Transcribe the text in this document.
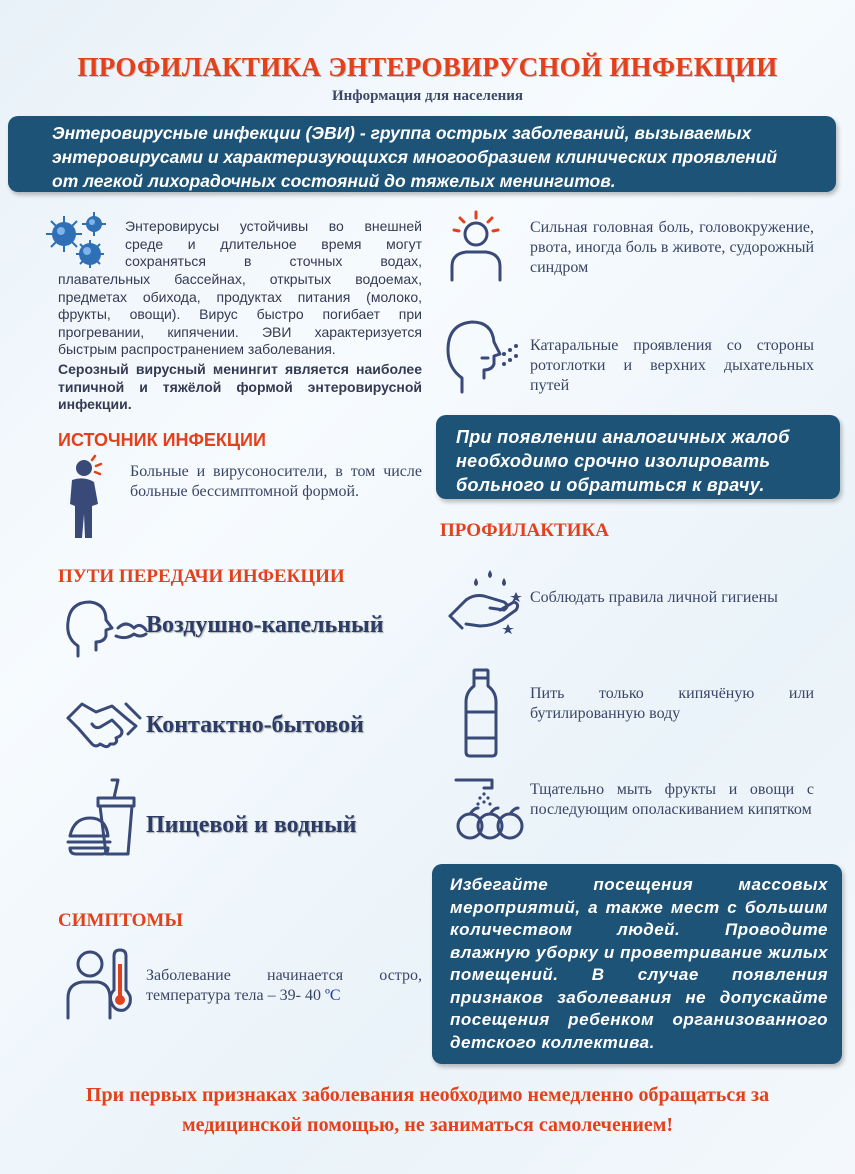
ПРОФИЛАКТИКА ЭНТЕРОВИРУСНОЙ ИНФЕКЦИИ
Информация для населения
Энтеровирусные инфекции (ЭВИ) - группа острых заболеваний, вызываемых
энтеровирусами и характеризующихся многообразием клинических проявлений
от легкой лихорадочных состояний до тяжелых менингитов.
Энтеровирусы устойчивы во внешней
среде и длительное время могут
сохраняться в сточных водах,
плавательных бассейнах, открытых водоемах, предметах обихода, продуктах питания (молоко, фрукты, овощи). Вирус быстро погибает при прогревании, кипячении. ЭВИ характеризуется быстрым распространением заболевания.
Серозный вирусный менингит является наиболее типичной и тяжёлой формой энтеровирусной инфекции.
Сильная головная боль, головокружение, рвота, иногда боль в животе, судорожный синдром
Катаральные проявления со стороны ротоглотки и верхних дыхательных путей
При появлении аналогичных жалоб необходимо срочно изолировать больного и обратиться к врачу.
ИСТОЧНИК ИНФЕКЦИИ
Больные и вирусоносители, в том числе больные бессимптомной формой.
ПРОФИЛАКТИКА
ПУТИ ПЕРЕДАЧИ ИНФЕКЦИИ
Воздушно-капельный
Контактно-бытовой
Пищевой и водный
Соблюдать правила личной гигиены
Пить только кипячёную или бутилированную воду
Тщательно мыть фрукты и овощи с последующим ополаскиванием кипятком
Избегайте посещения массовых мероприятий, а также мест с большим количеством людей. Проводите влажную уборку и проветривание жилых помещений. В случае появления признаков заболевания не допускайте посещения ребенком организованного детского коллектива.
СИМПТОМЫ
Заболевание начинается остро,
температура тела – 39- 40 ºС
При первых признаках заболевания необходимо немедленно обращаться за
медицинской помощью, не заниматься самолечением!
